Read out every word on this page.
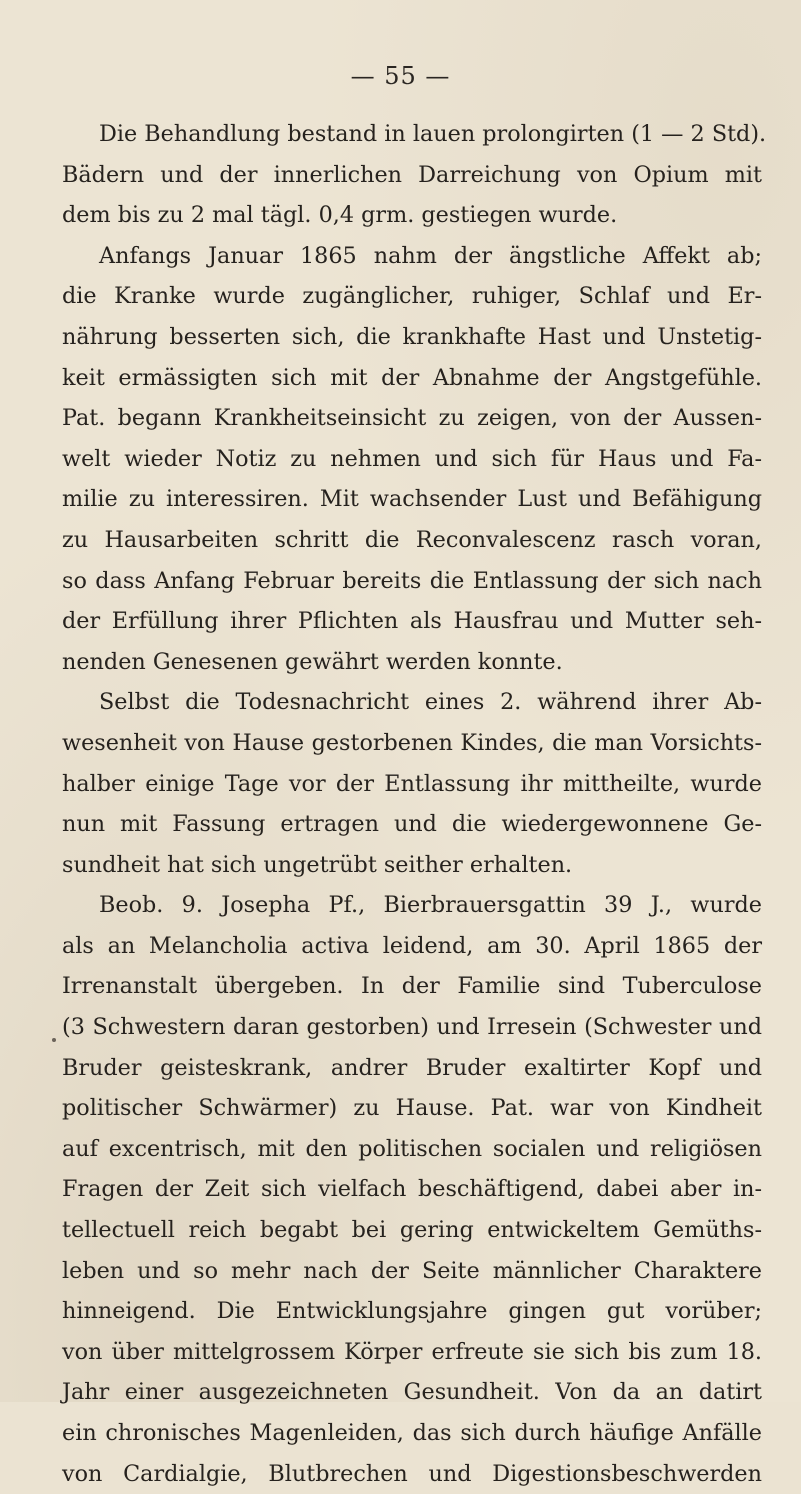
— 55 —
Die Behandlung bestand in lauen prolongirten (1 — 2 Std).
Bädern und der innerlichen Darreichung von Opium mit
dem bis zu 2 mal tägl. 0,4 grm. gestiegen wurde.
Anfangs Januar 1865 nahm der ängstliche Affekt ab;
die Kranke wurde zugänglicher, ruhiger, Schlaf und Er-
nährung besserten sich, die krankhafte Hast und Unstetig-
keit ermässigten sich mit der Abnahme der Angstgefühle.
Pat. begann Krankheitseinsicht zu zeigen, von der Aussen-
welt wieder Notiz zu nehmen und sich für Haus und Fa-
milie zu interessiren. Mit wachsender Lust und Befähigung
zu Hausarbeiten schritt die Reconvalescenz rasch voran,
so dass Anfang Februar bereits die Entlassung der sich nach
der Erfüllung ihrer Pflichten als Hausfrau und Mutter seh-
nenden Genesenen gewährt werden konnte.
Selbst die Todesnachricht eines 2. während ihrer Ab-
wesenheit von Hause gestorbenen Kindes, die man Vorsichts-
halber einige Tage vor der Entlassung ihr mittheilte, wurde
nun mit Fassung ertragen und die wiedergewonnene Ge-
sundheit hat sich ungetrübt seither erhalten.
Beob. 9. Josepha Pf., Bierbrauersgattin 39 J., wurde
als an Melancholia activa leidend, am 30. April 1865 der
Irrenanstalt übergeben. In der Familie sind Tuberculose
(3 Schwestern daran gestorben) und Irresein (Schwester und
Bruder geisteskrank, andrer Bruder exaltirter Kopf und
politischer Schwärmer) zu Hause. Pat. war von Kindheit
auf excentrisch, mit den politischen socialen und religiösen
Fragen der Zeit sich vielfach beschäftigend, dabei aber in-
tellectuell reich begabt bei gering entwickeltem Gemüths-
leben und so mehr nach der Seite männlicher Charaktere
hinneigend. Die Entwicklungsjahre gingen gut vorüber;
von über mittelgrossem Körper erfreute sie sich bis zum 18.
Jahr einer ausgezeichneten Gesundheit. Von da an datirt
ein chronisches Magenleiden, das sich durch häufige Anfälle
von Cardialgie, Blutbrechen und Digestionsbeschwerden
